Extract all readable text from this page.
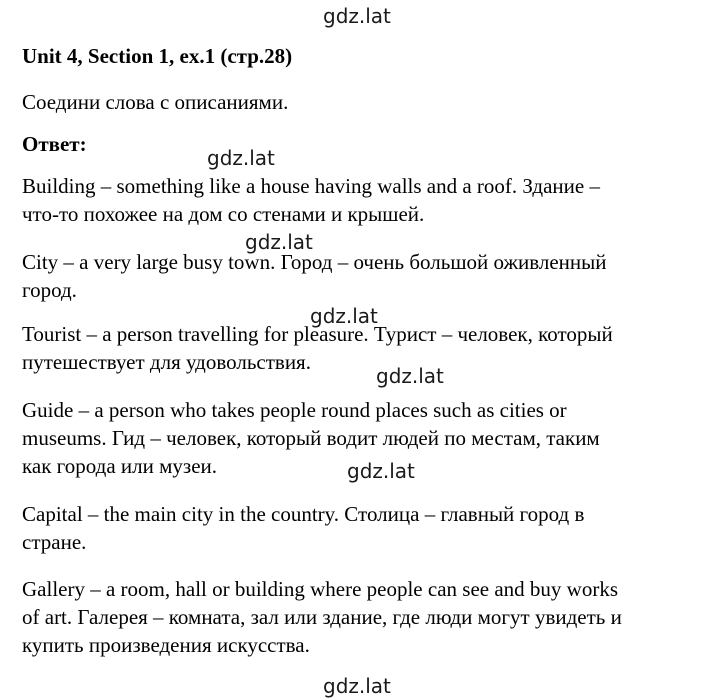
gdz.lat
gdz.lat
gdz.lat
gdz.lat
gdz.lat
gdz.lat
gdz.lat
Unit 4, Section 1, ex.1 (стр.28)
Соедини слова с описаниями.
Ответ:
Building – something like a house having walls and a roof. Здание –
что-то похожее на дом со стенами и крышей.
City – a very large busy town. Город – очень большой оживленный
город.
Tourist – a person travelling for pleasure. Турист – человек, который
путешествует для удовольствия.
Guide – a person who takes people round places such as cities or
museums. Гид – человек, который водит людей по местам, таким
как города или музеи.
Capital – the main city in the country. Столица – главный город в
стране.
Gallery – a room, hall or building where people can see and buy works
of art. Галерея – комната, зал или здание, где люди могут увидеть и
купить произведения искусства.
